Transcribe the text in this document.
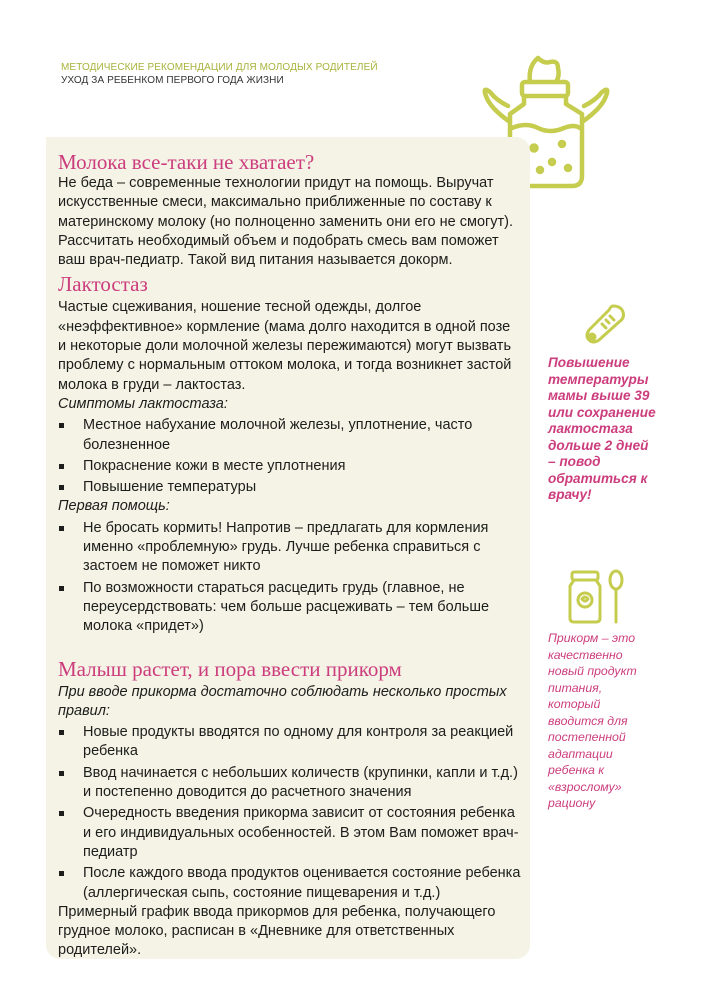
МЕТОДИЧЕСКИЕ РЕКОМЕНДАЦИИ ДЛЯ МОЛОДЫХ РОДИТЕЛЕЙ
УХОД ЗА РЕБЕНКОМ ПЕРВОГО ГОДА ЖИЗНИ
Молока все-таки не хватает?

Не беда – современные технологии придут на помощь. Выручат искусственные смеси, максимально приближенные по составу к материнскому молоку (но полноценно заменить они его не смогут). Рассчитать необходимый объем и подобрать смесь вам поможет ваш врач-педиатр. Такой вид питания называется докорм.

Лактостаз

Частые сцеживания, ношение тесной одежды, долгое «неэффективное» кормление (мама долго находится в одной позе и некоторые доли молочной железы пережимаются) могут вызвать проблему с нормальным оттоком молока, и тогда возникнет застой молока в груди – лактостаз.

Симптомы лактостаза:

Местное набухание молочной железы, уплотнение, часто болезненное
Покраснение кожи в месте уплотнения
Повышение температуры

Первая помощь:

Не бросать кормить! Напротив – предлагать для кормления именно «проблемную» грудь. Лучше ребенка справиться с застоем не поможет никто
По возможности стараться расцедить грудь (главное, не переусердствовать: чем больше расцеживать – тем больше молока «придет»)
Малыш растет, и пора ввести прикорм

При вводе прикорма достаточно соблюдать несколько простых правил:

Новые продукты вводятся по одному для контроля за реакцией ребенка
Ввод начинается с небольших количеств (крупинки, капли и т.д.) и постепенно доводится до расчетного значения
Очередность введения прикорма зависит от состояния ребенка и его индивидуальных особенностей. В этом Вам поможет врач-педиатр
После каждого ввода продуктов оценивается состояние ребенка (аллергическая сыпь, состояние пищеварения и т.д.)

Примерный график ввода прикормов для ребенка, получающего грудное молоко, расписан в «Дневнике для ответственных родителей».

Повышение
температуры
мамы выше 39
или сохранение
лактостаза
дольше 2 дней
– повод
обратиться к
врачу!
Прикорм – это
качественно
новый продукт
питания,
который
вводится для
постепенной
адаптации
ребенка к
«взрослому»
рациону
